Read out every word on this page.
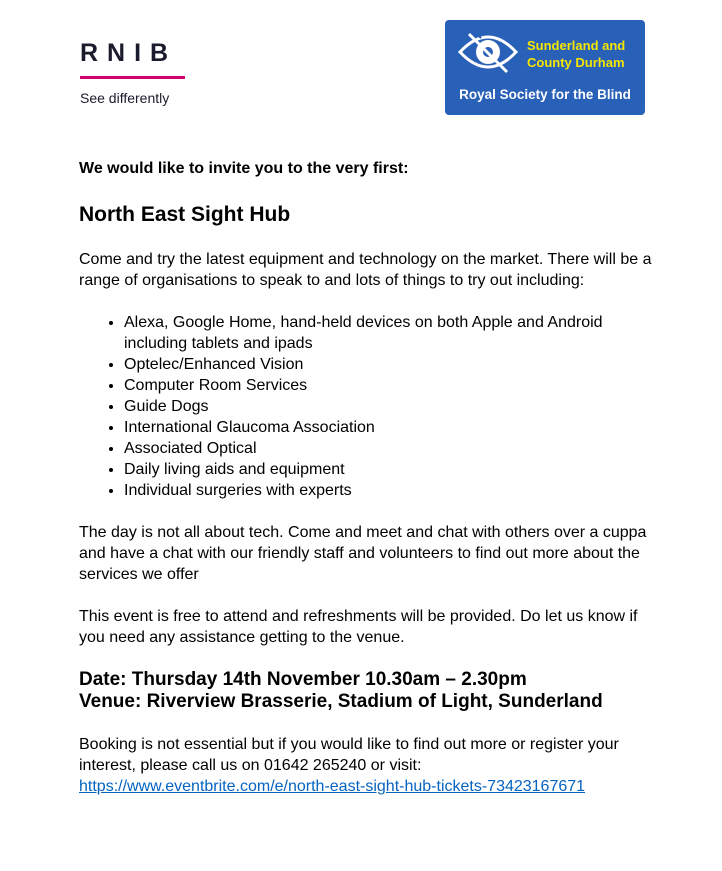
RNIB
See differently
Sunderland and
County Durham
Royal Society for the Blind

We would like to invite you to the very first:

North East Sight Hub

Come and try the latest equipment and technology on the market. There will be a range of organisations to speak to and lots of things to try out including:

• Alexa, Google Home, hand-held devices on both Apple and Android including tablets and ipads
• Optelec/Enhanced Vision
• Computer Room Services
• Guide Dogs
• International Glaucoma Association
• Associated Optical
• Daily living aids and equipment
• Individual surgeries with experts

The day is not all about tech. Come and meet and chat with others over a cuppa and have a chat with our friendly staff and volunteers to find out more about the services we offer

This event is free to attend and refreshments will be provided. Do let us know if you need any assistance getting to the venue.

Date: Thursday 14th November 10.30am – 2.30pm
Venue: Riverview Brasserie, Stadium of Light, Sunderland

Booking is not essential but if you would like to find out more or register your interest, please call us on 01642 265240 or visit:
https://www.eventbrite.com/e/north-east-sight-hub-tickets-73423167671
